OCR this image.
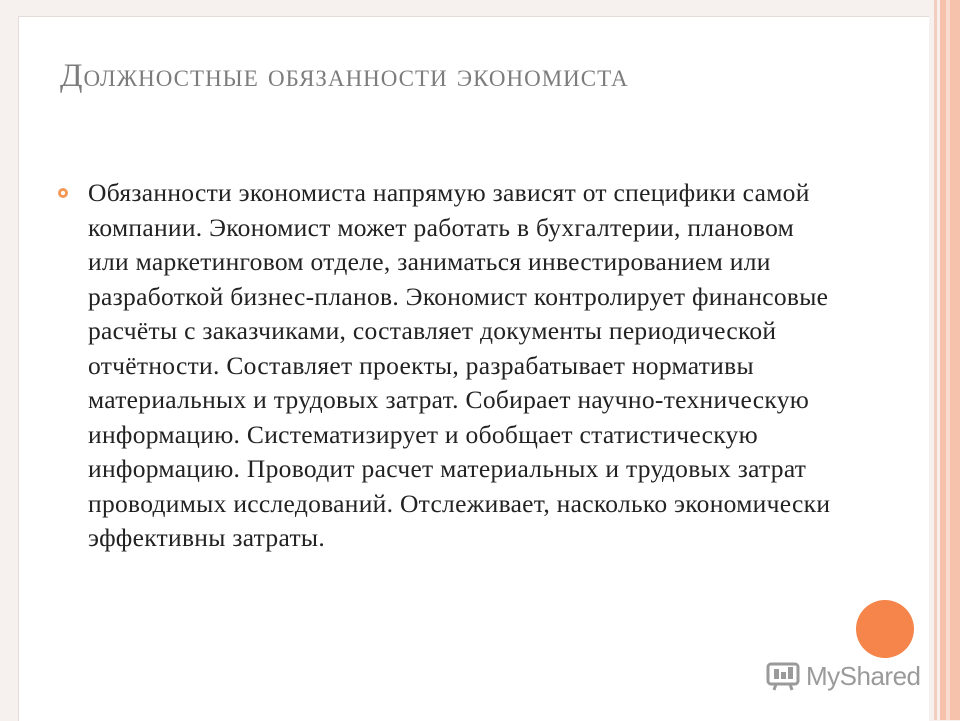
Должностные обязанности экономиста

Обязанности экономиста напрямую зависят от специфики самой компании. Экономист может работать в бухгалтерии, плановом или маркетинговом отделе, заниматься инвестированием или разработкой бизнес-планов. Экономист контролирует финансовые расчёты с заказчиками, составляет документы периодической отчётности. Составляет проекты, разрабатывает нормативы материальных и трудовых затрат. Собирает научно-техническую информацию. Систематизирует и обобщает статистическую информацию. Проводит расчет материальных и трудовых затрат проводимых исследований. Отслеживает, насколько экономически эффективны затраты.

MyShared
